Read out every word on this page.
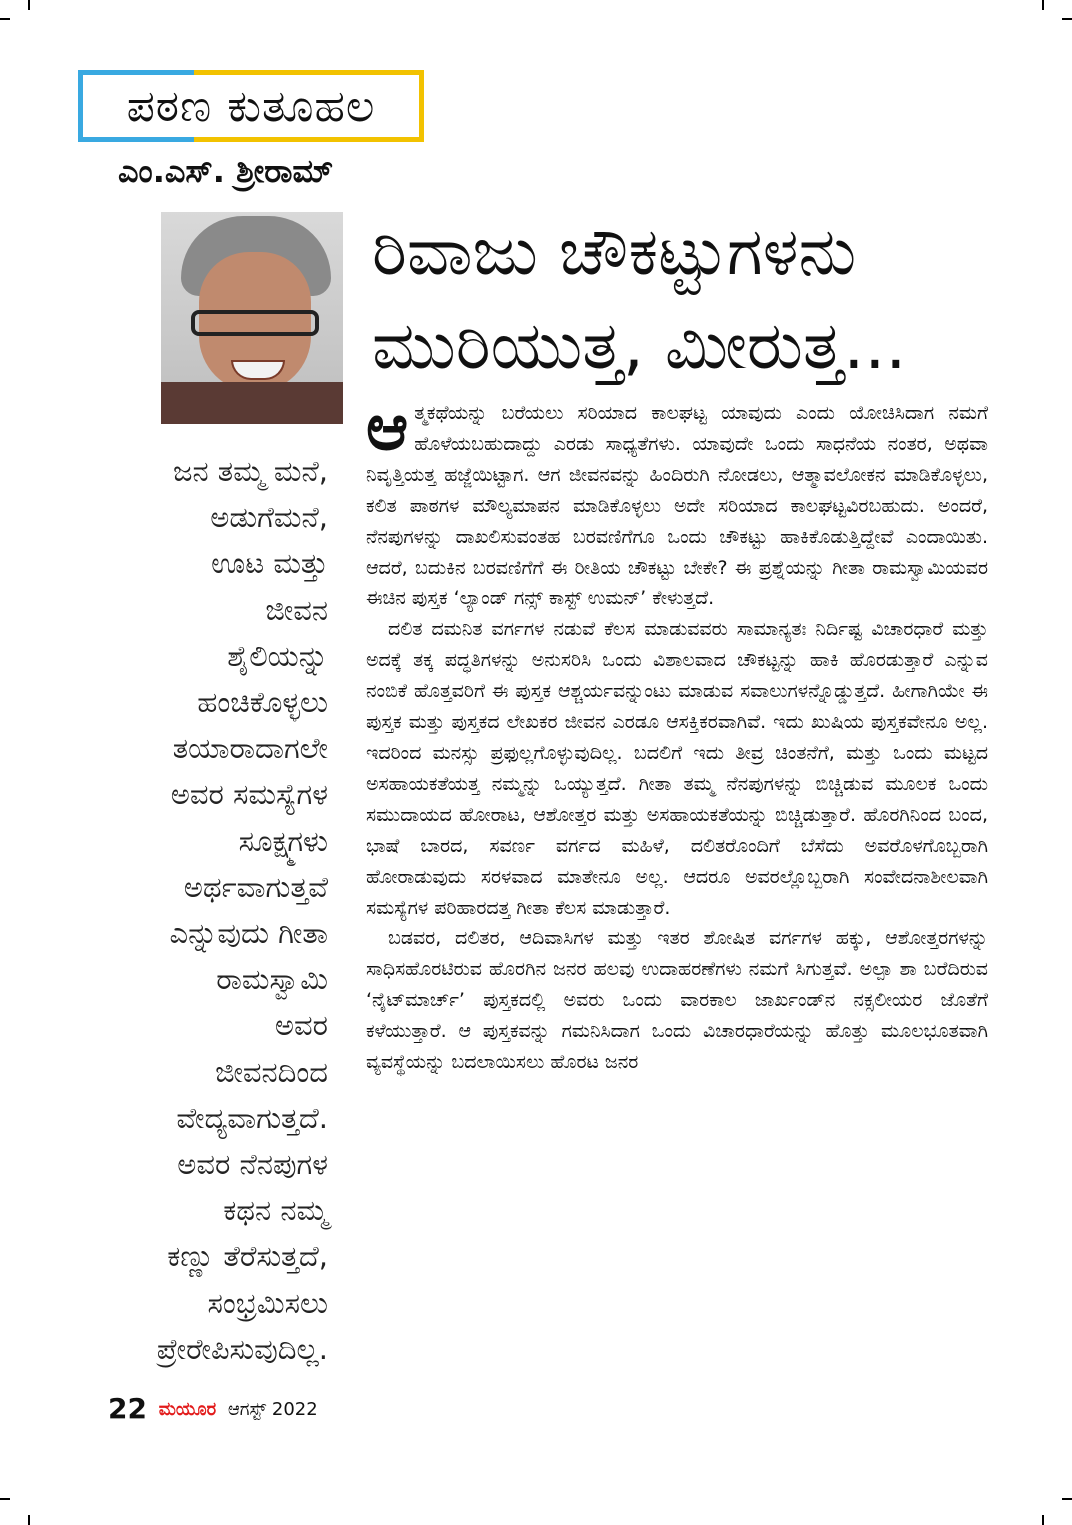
ಪಠಣ ಕುತೂಹಲ
ಎಂ.ಎಸ್. ಶ್ರೀರಾಮ್
ರಿವಾಜು ಚೌಕಟ್ಟುಗಳನು
ಮುರಿಯುತ್ತ, ಮೀರುತ್ತ...
ಜನ ತಮ್ಮ ಮನೆ,
ಅಡುಗೆಮನೆ,
ಊಟ ಮತ್ತು
ಜೀವನ
ಶೈಲಿಯನ್ನು
ಹಂಚಿಕೊಳ್ಳಲು
ತಯಾರಾದಾಗಲೇ
ಅವರ ಸಮಸ್ಯೆಗಳ
ಸೂಕ್ಷ್ಮಗಳು
ಅರ್ಥವಾಗುತ್ತವೆ
ಎನ್ನುವುದು ಗೀತಾ
ರಾಮಸ್ವಾಮಿ
ಅವರ
ಜೀವನದಿಂದ
ವೇದ್ಯವಾಗುತ್ತದೆ.
ಅವರ ನೆನಪುಗಳ
ಕಥನ ನಮ್ಮ
ಕಣ್ಣು ತೆರೆಸುತ್ತದೆ,
ಸಂಭ್ರಮಿಸಲು
ಪ್ರೇರೇಪಿಸುವುದಿಲ್ಲ.

ಆತ್ಮಕಥೆಯನ್ನು ಬರೆಯಲು ಸರಿಯಾದ ಕಾಲಘಟ್ಟ ಯಾವುದು ಎಂದು ಯೋಚಿಸಿದಾಗ ನಮಗೆ ಹೊಳೆಯಬಹುದಾದ್ದು ಎರಡು ಸಾಧ್ಯತೆಗಳು. ಯಾವುದೇ ಒಂದು ಸಾಧನೆಯ ನಂತರ, ಅಥವಾ ನಿವೃತ್ತಿಯತ್ತ ಹಜ್ಜೆಯಿಟ್ಟಾಗ. ಆಗ ಜೀವನವನ್ನು ಹಿಂದಿರುಗಿ ನೋಡಲು, ಆತ್ಮಾವಲೋಕನ ಮಾಡಿಕೊಳ್ಳಲು, ಕಲಿತ ಪಾಠಗಳ ಮೌಲ್ಯಮಾಪನ ಮಾಡಿಕೊಳ್ಳಲು ಅದೇ ಸರಿಯಾದ ಕಾಲಘಟ್ಟವಿರಬಹುದು. ಅಂದರೆ, ನೆನಪುಗಳನ್ನು ದಾಖಲಿಸುವಂತಹ ಬರವಣಿಗೆಗೂ ಒಂದು ಚೌಕಟ್ಟು ಹಾಕಿಕೊಡುತ್ತಿದ್ದೇವೆ ಎಂದಾಯಿತು. ಆದರೆ, ಬದುಕಿನ ಬರವಣಿಗೆಗೆ ಈ ರೀತಿಯ ಚೌಕಟ್ಟು ಬೇಕೇ? ಈ ಪ್ರಶ್ನೆಯನ್ನು ಗೀತಾ ರಾಮಸ್ವಾಮಿಯವರ ಈಚಿನ ಪುಸ್ತಕ ‘ಲ್ಯಾಂಡ್ ಗನ್ಸ್ ಕಾಸ್ಟ್ ಉಮನ್’ ಕೇಳುತ್ತದೆ.

ದಲಿತ ದಮನಿತ ವರ್ಗಗಳ ನಡುವೆ ಕೆಲಸ ಮಾಡುವವರು ಸಾಮಾನ್ಯತಃ ನಿರ್ದಿಷ್ಟ ವಿಚಾರಧಾರೆ ಮತ್ತು ಅದಕ್ಕೆ ತಕ್ಕ ಪದ್ಧತಿಗಳನ್ನು ಅನುಸರಿಸಿ ಒಂದು ವಿಶಾಲವಾದ ಚೌಕಟ್ಟನ್ನು ಹಾಕಿ ಹೊರಡುತ್ತಾರೆ ಎನ್ನುವ ನಂಬಿಕೆ ಹೊತ್ತವರಿಗೆ ಈ ಪುಸ್ತಕ ಆಶ್ಚರ್ಯವನ್ನುಂಟು ಮಾಡುವ ಸವಾಲುಗಳನ್ನೊಡ್ಡುತ್ತದೆ. ಹೀಗಾಗಿಯೇ ಈ ಪುಸ್ತಕ ಮತ್ತು ಪುಸ್ತಕದ ಲೇಖಕರ ಜೀವನ ಎರಡೂ ಆಸಕ್ತಿಕರವಾಗಿವೆ. ಇದು ಖುಷಿಯ ಪುಸ್ತಕವೇನೂ ಅಲ್ಲ. ಇದರಿಂದ ಮನಸ್ಸು ಪ್ರಫುಲ್ಲಗೊಳ್ಳುವುದಿಲ್ಲ. ಬದಲಿಗೆ ಇದು ತೀವ್ರ ಚಿಂತನೆಗೆ, ಮತ್ತು ಒಂದು ಮಟ್ಟದ ಅಸಹಾಯಕತೆಯತ್ತ ನಮ್ಮನ್ನು ಒಯ್ಯುತ್ತದೆ. ಗೀತಾ ತಮ್ಮ ನೆನಪುಗಳನ್ನು ಬಿಚ್ಚಿಡುವ ಮೂಲಕ ಒಂದು ಸಮುದಾಯದ ಹೋರಾಟ, ಆಶೋತ್ತರ ಮತ್ತು ಅಸಹಾಯಕತೆಯನ್ನು ಬಿಚ್ಚಿಡುತ್ತಾರೆ. ಹೊರಗಿನಿಂದ ಬಂದ, ಭಾಷೆ ಬಾರದ, ಸವರ್ಣ ವರ್ಗದ ಮಹಿಳೆ, ದಲಿತರೊಂದಿಗೆ ಬೆಸೆದು ಅವರೊಳಗೊಬ್ಬರಾಗಿ ಹೋರಾಡುವುದು ಸರಳವಾದ ಮಾತೇನೂ ಅಲ್ಲ. ಆದರೂ ಅವರಲ್ಲೊಬ್ಬರಾಗಿ ಸಂವೇದನಾಶೀಲವಾಗಿ ಸಮಸ್ಯೆಗಳ ಪರಿಹಾರದತ್ತ ಗೀತಾ ಕೆಲಸ ಮಾಡುತ್ತಾರೆ.

ಬಡವರ, ದಲಿತರ, ಆದಿವಾಸಿಗಳ ಮತ್ತು ಇತರ ಶೋಷಿತ ವರ್ಗಗಳ ಹಕ್ಕು, ಆಶೋತ್ತರಗಳನ್ನು ಸಾಧಿಸಹೊರಟಿರುವ ಹೊರಗಿನ ಜನರ ಹಲವು ಉದಾಹರಣೆಗಳು ನಮಗೆ ಸಿಗುತ್ತವೆ. ಅಲ್ಪಾ ಶಾ ಬರೆದಿರುವ ‘ನೈಟ್‌ಮಾರ್ಚ್’ ಪುಸ್ತಕದಲ್ಲಿ ಅವರು ಒಂದು ವಾರಕಾಲ ಜಾರ್ಖಂಡ್‌ನ ನಕ್ಸಲೀಯರ ಜೊತೆಗೆ ಕಳೆಯುತ್ತಾರೆ. ಆ ಪುಸ್ತಕವನ್ನು ಗಮನಿಸಿದಾಗ ಒಂದು ವಿಚಾರಧಾರೆಯನ್ನು ಹೊತ್ತು ಮೂಲಭೂತವಾಗಿ ವ್ಯವಸ್ಥೆಯನ್ನು ಬದಲಾಯಿಸಲು ಹೊರಟ ಜನರ

22 ಮಯೂರ ಆಗಸ್ಟ್ 2022
